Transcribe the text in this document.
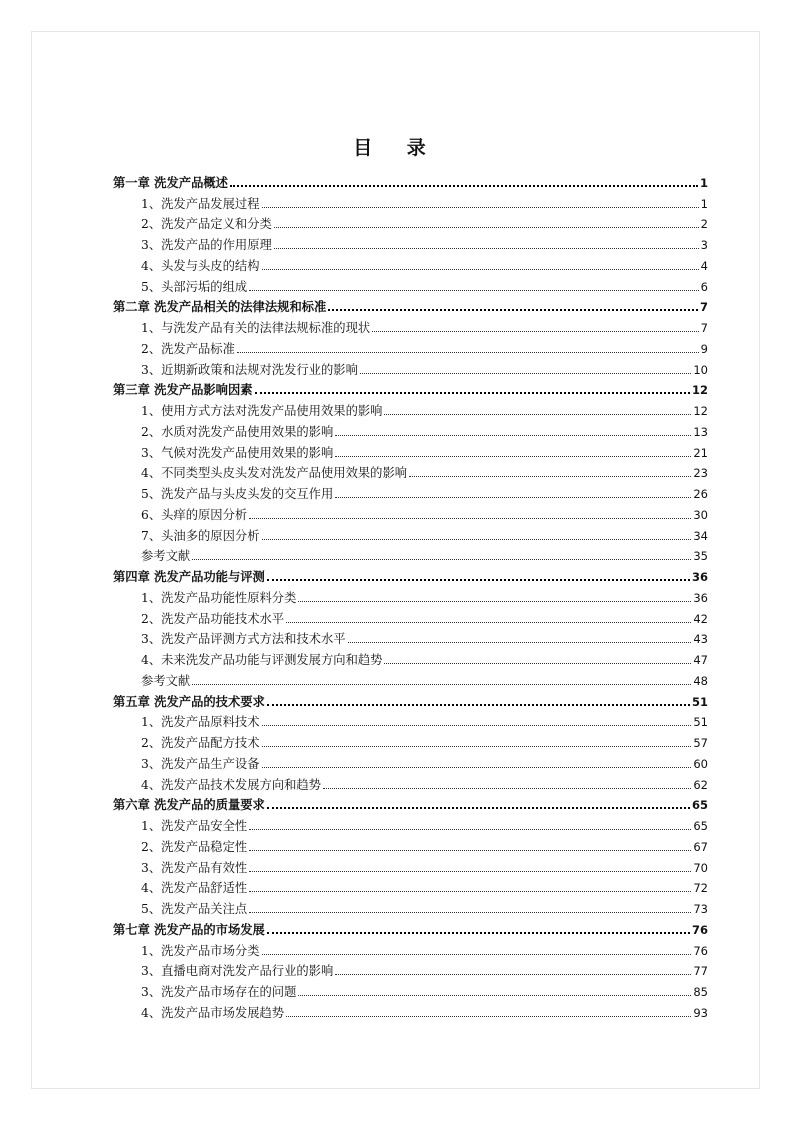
目 录
第一章 洗发产品概述	1
1、洗发产品发展过程	1
2、洗发产品定义和分类	2
3、洗发产品的作用原理	3
4、头发与头皮的结构	4
5、头部污垢的组成	6
第二章 洗发产品相关的法律法规和标准	7
1、与洗发产品有关的法律法规标准的现状	7
2、洗发产品标准	9
3、近期新政策和法规对洗发行业的影响	10
第三章 洗发产品影响因素	12
1、使用方式方法对洗发产品使用效果的影响	12
2、水质对洗发产品使用效果的影响	13
3、气候对洗发产品使用效果的影响	21
4、不同类型头皮头发对洗发产品使用效果的影响	23
5、洗发产品与头皮头发的交互作用	26
6、头痒的原因分析	30
7、头油多的原因分析	34
参考文献	35
第四章 洗发产品功能与评测	36
1、洗发产品功能性原料分类	36
2、洗发产品功能技术水平	42
3、洗发产品评测方式方法和技术水平	43
4、未来洗发产品功能与评测发展方向和趋势	47
参考文献	48
第五章 洗发产品的技术要求	51
1、洗发产品原料技术	51
2、洗发产品配方技术	57
3、洗发产品生产设备	60
4、洗发产品技术发展方向和趋势	62
第六章 洗发产品的质量要求	65
1、洗发产品安全性	65
2、洗发产品稳定性	67
3、洗发产品有效性	70
4、洗发产品舒适性	72
5、洗发产品关注点	73
第七章 洗发产品的市场发展	76
1、洗发产品市场分类	76
3、直播电商对洗发产品行业的影响	77
3、洗发产品市场存在的问题	85
4、洗发产品市场发展趋势	93
